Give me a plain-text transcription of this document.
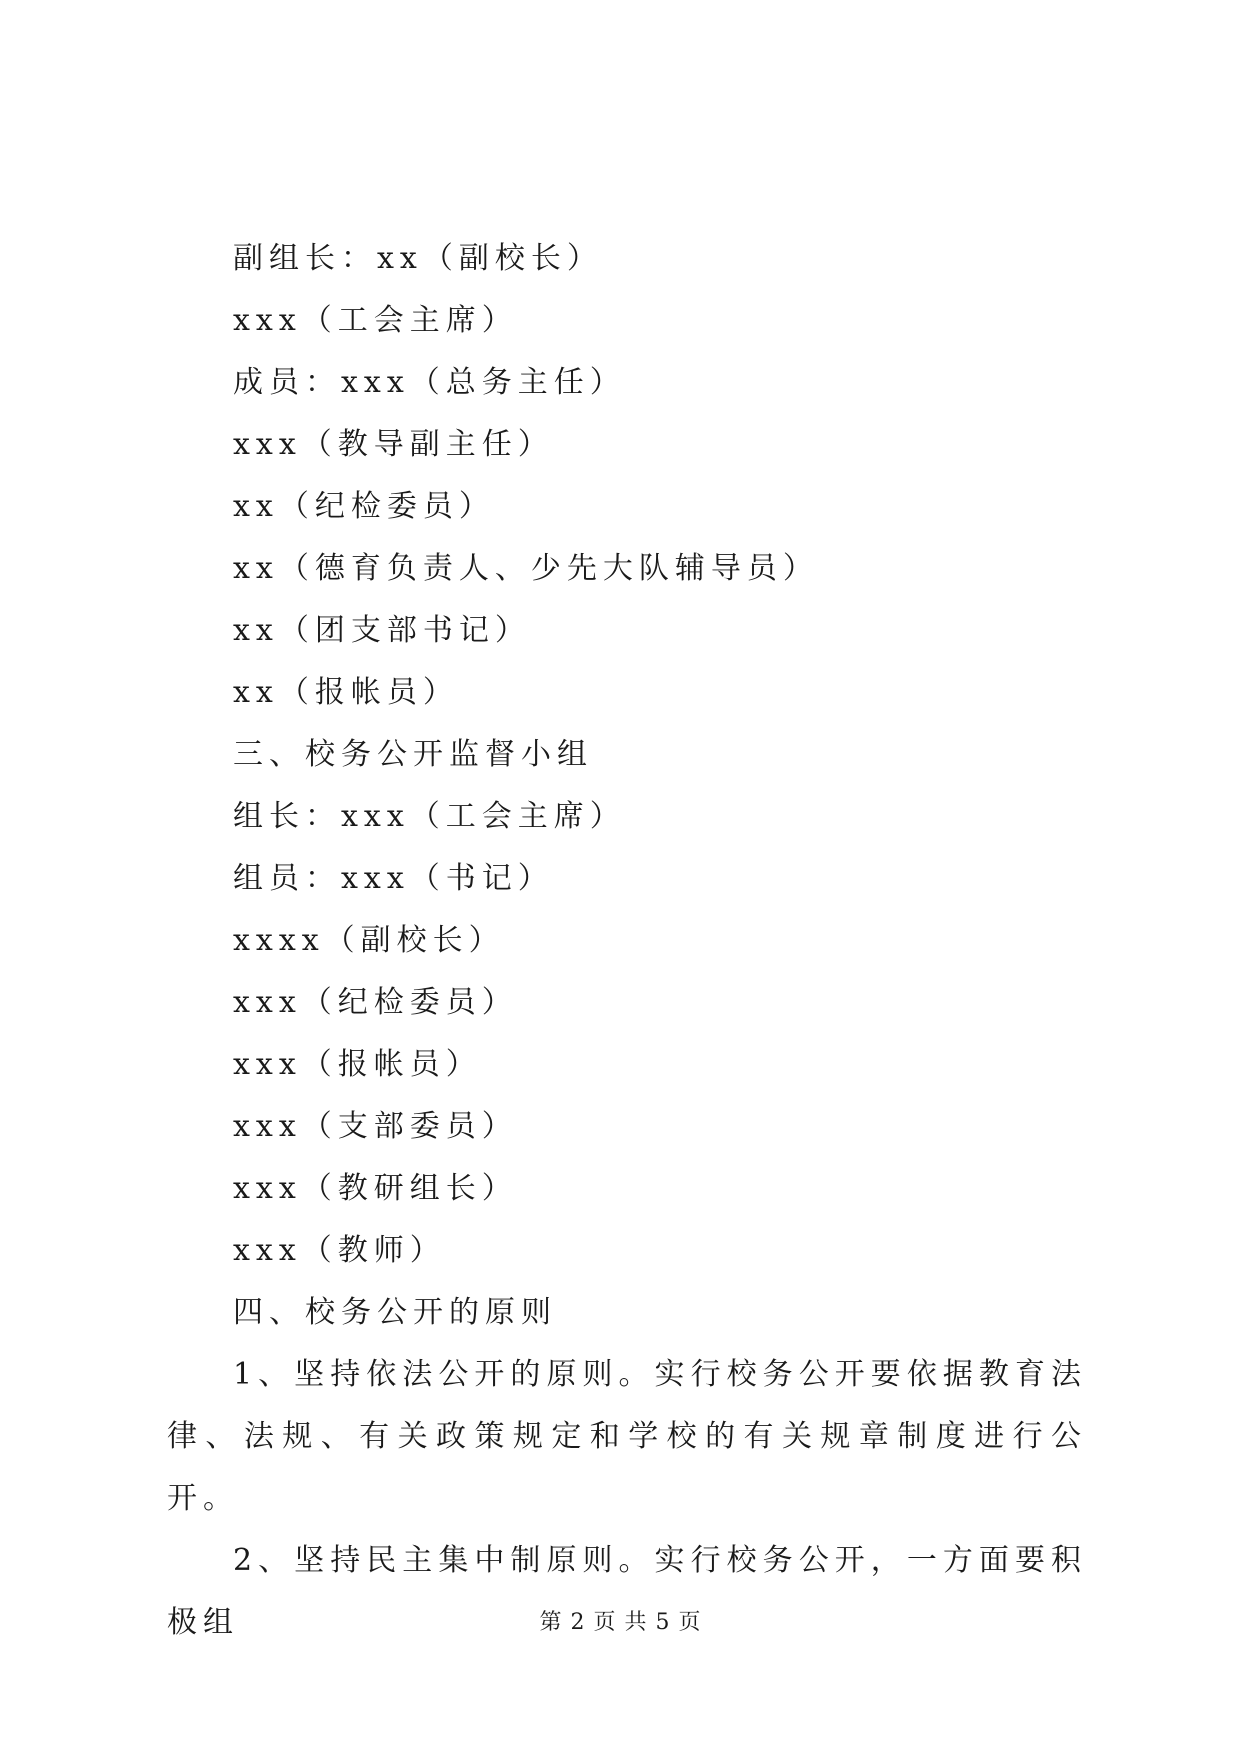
副组长：xx（副校长）

xxx（工会主席）

成员：xxx（总务主任）

xxx（教导副主任）

xx（纪检委员）

xx（德育负责人、少先大队辅导员）

xx（团支部书记）

xx（报帐员）

三、校务公开监督小组

组长：xxx（工会主席）

组员：xxx（书记）

xxxx（副校长）

xxx（纪检委员）

xxx（报帐员）

xxx（支部委员）

xxx（教研组长）

xxx（教师）

四、校务公开的原则

1、坚持依法公开的原则。实行校务公开要依据教育法律、法规、有关政策规定和学校的有关规章制度进行公开。

2、坚持民主集中制原则。实行校务公开，一方面要积极组	第 2 页 共 5 页
